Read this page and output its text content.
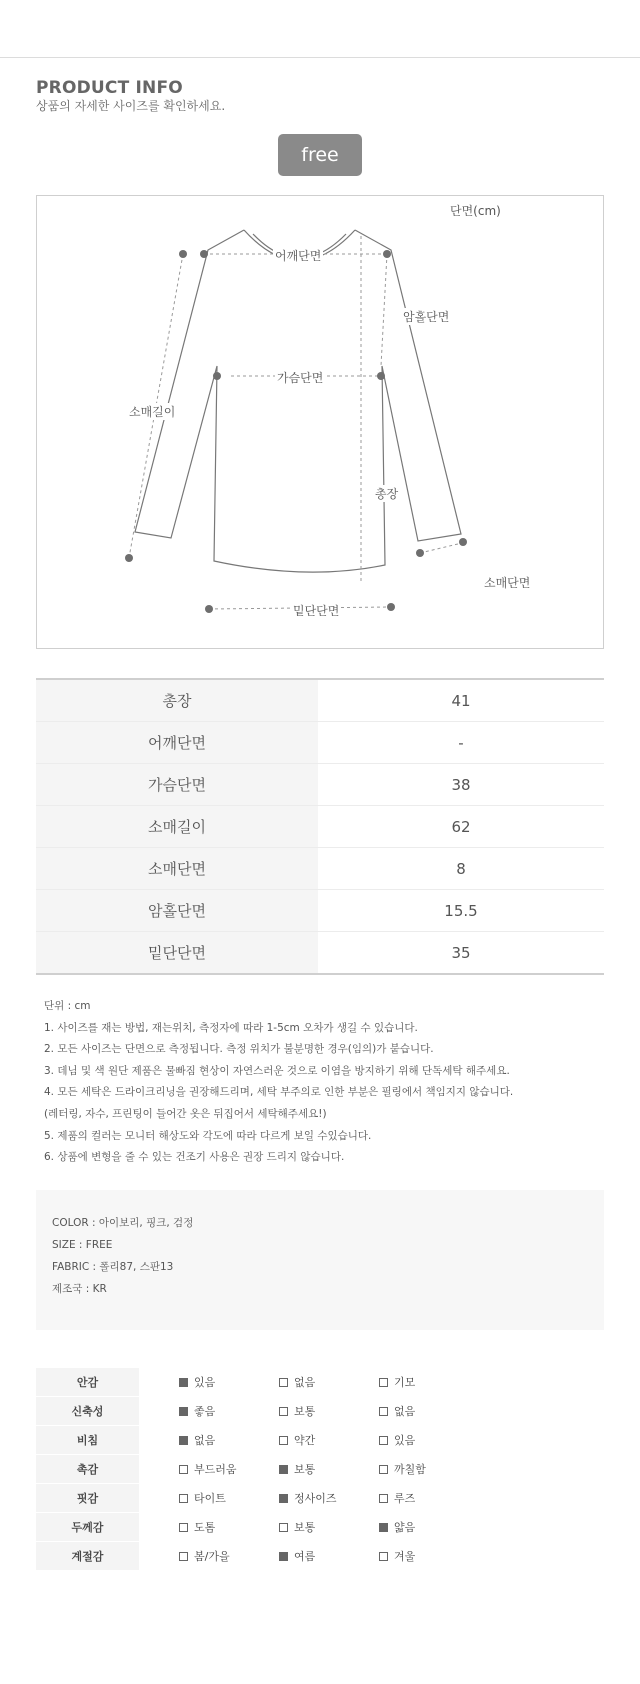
PRODUCT INFO
상품의 자세한 사이즈를 확인하세요.
free
단면(cm)
어깨단면
암홀단면
가슴단면
소매길이
총장
소매단면
밑단단면
총장	41
어깨단면	-
가슴단면	38
소매길이	62
소매단면	8
암홀단면	15.5
밑단단면	35
단위 : cm
1. 사이즈를 재는 방법, 재는위치, 측정자에 따라 1-5cm 오차가 생길 수 있습니다.
2. 모든 사이즈는 단면으로 측정됩니다. 측정 위치가 불분명한 경우(임의)가 붙습니다.
3. 데님 및 색 원단 제품은 물빠짐 현상이 자연스러운 것으로 이염을 방지하기 위해 단독세탁 해주세요.
4. 모든 세탁은 드라이크리닝을 권장해드리며, 세탁 부주의로 인한 부분은 필링에서 책임지지 않습니다.
(레터링, 자수, 프린팅이 들어간 옷은 뒤집어서 세탁해주세요!)
5. 제품의 컬러는 모니터 해상도와 각도에 따라 다르게 보일 수있습니다.
6. 상품에 변형을 줄 수 있는 건조기 사용은 권장 드리지 않습니다.
COLOR : 아이보리, 핑크, 검정
SIZE : FREE
FABRIC : 폴리87, 스판13
제조국 : KR
안감		있음	없음	기모
신축성		좋음	보통	없음
비침		없음	약간	있음
촉감		부드러움	보통	까칠함
핏감		타이트	정사이즈	루즈
두께감		도톰	보통	얇음
계절감		봄/가을	여름	겨울
